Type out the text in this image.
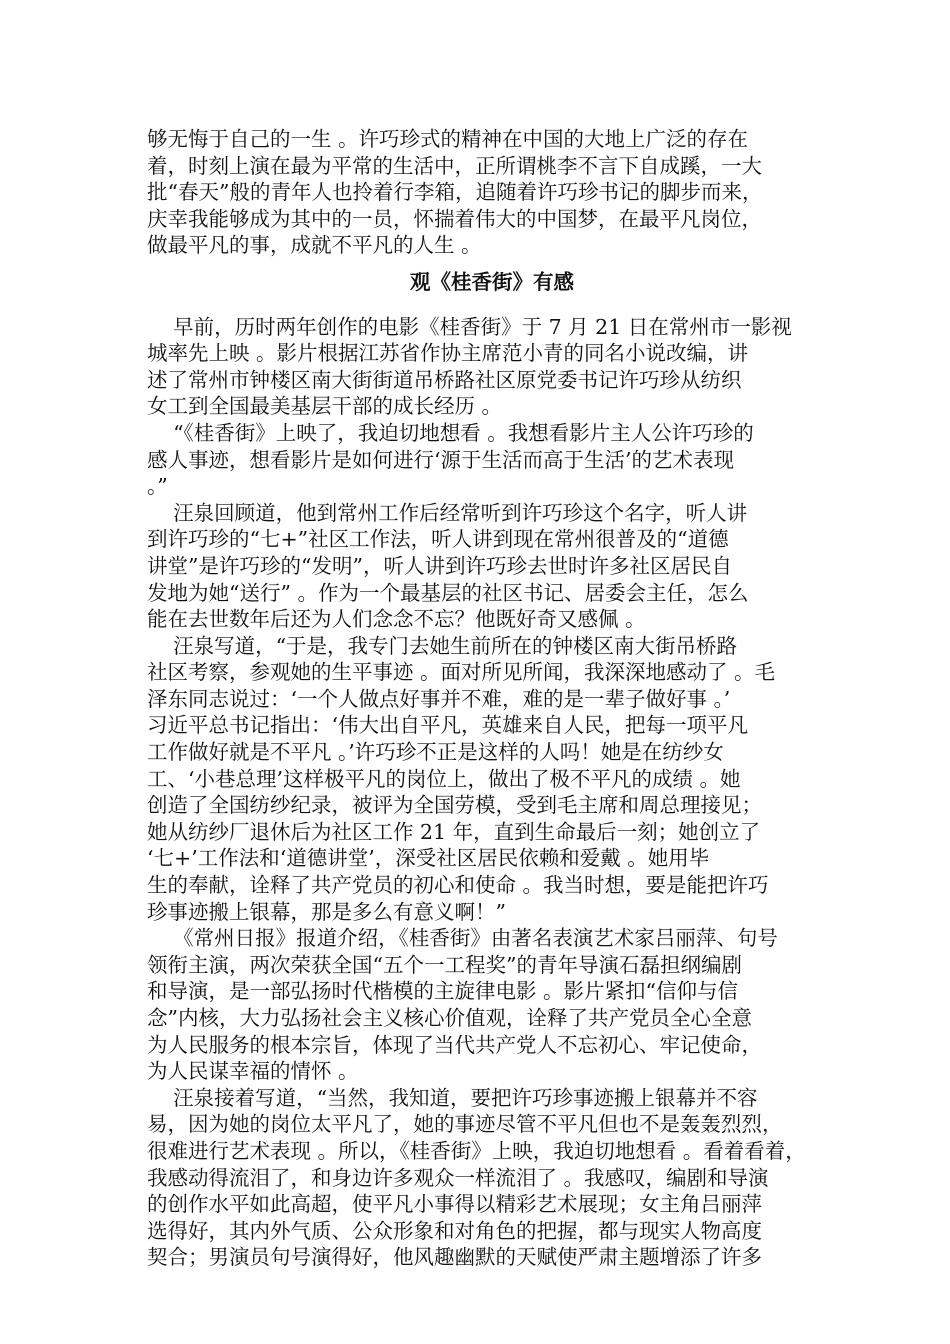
够无悔于自己的一生 。许巧珍式的精神在中国的大地上广泛的存在
着，时刻上演在最为平常的生活中，正所谓桃李不言下自成蹊，一大
批“春天”般的青年人也拎着行李箱，追随着许巧珍书记的脚步而来，
庆幸我能够成为其中的一员，怀揣着伟大的中国梦，在最平凡岗位，
做最平凡的事，成就不平凡的人生 。
观《桂香街》有感
早前，历时两年创作的电影《桂香街》于 7 月 21 日在常州市一影视
城率先上映 。影片根据江苏省作协主席范小青的同名小说改编，讲
述了常州市钟楼区南大街街道吊桥路社区原党委书记许巧珍从纺织
女工到全国最美基层干部的成长经历 。
“《桂香街》上映了，我迫切地想看 。我想看影片主人公许巧珍的
感人事迹，想看影片是如何进行‘源于生活而高于生活’的艺术表现
。”
汪泉回顾道，他到常州工作后经常听到许巧珍这个名字，听人讲
到许巧珍的“七+”社区工作法，听人讲到现在常州很普及的“道德
讲堂”是许巧珍的“发明”，听人讲到许巧珍去世时许多社区居民自
发地为她“送行” 。作为一个最基层的社区书记、居委会主任，怎么
能在去世数年后还为人们念念不忘？他既好奇又感佩 。
汪泉写道，“于是，我专门去她生前所在的钟楼区南大街吊桥路
社区考察，参观她的生平事迹 。面对所见所闻，我深深地感动了 。毛
泽东同志说过：‘一个人做点好事并不难，难的是一辈子做好事 。’
习近平总书记指出：‘伟大出自平凡，英雄来自人民，把每一项平凡
工作做好就是不平凡 。’许巧珍不正是这样的人吗！她是在纺纱女
工、‘小巷总理’这样极平凡的岗位上，做出了极不平凡的成绩 。她
创造了全国纺纱纪录，被评为全国劳模，受到毛主席和周总理接见；
她从纺纱厂退休后为社区工作 21 年，直到生命最后一刻；她创立了
‘七+’工作法和‘道德讲堂’，深受社区居民依赖和爱戴 。她用毕
生的奉献，诠释了共产党员的初心和使命 。我当时想，要是能把许巧
珍事迹搬上银幕，那是多么有意义啊！”
《常州日报》报道介绍，《桂香街》由著名表演艺术家吕丽萍、句号
领衔主演，两次荣获全国“五个一工程奖”的青年导演石磊担纲编剧
和导演，是一部弘扬时代楷模的主旋律电影 。影片紧扣“信仰与信
念”内核，大力弘扬社会主义核心价值观，诠释了共产党员全心全意
为人民服务的根本宗旨，体现了当代共产党人不忘初心、牢记使命，
为人民谋幸福的情怀 。
汪泉接着写道，“当然，我知道，要把许巧珍事迹搬上银幕并不容
易，因为她的岗位太平凡了，她的事迹尽管不平凡但也不是轰轰烈烈，
很难进行艺术表现 。所以，《桂香街》上映，我迫切地想看 。看着看着，
我感动得流泪了，和身边许多观众一样流泪了 。我感叹，编剧和导演
的创作水平如此高超，使平凡小事得以精彩艺术展现；女主角吕丽萍
选得好，其内外气质、公众形象和对角色的把握，都与现实人物高度
契合；男演员句号演得好，他风趣幽默的天赋使严肃主题增添了许多
